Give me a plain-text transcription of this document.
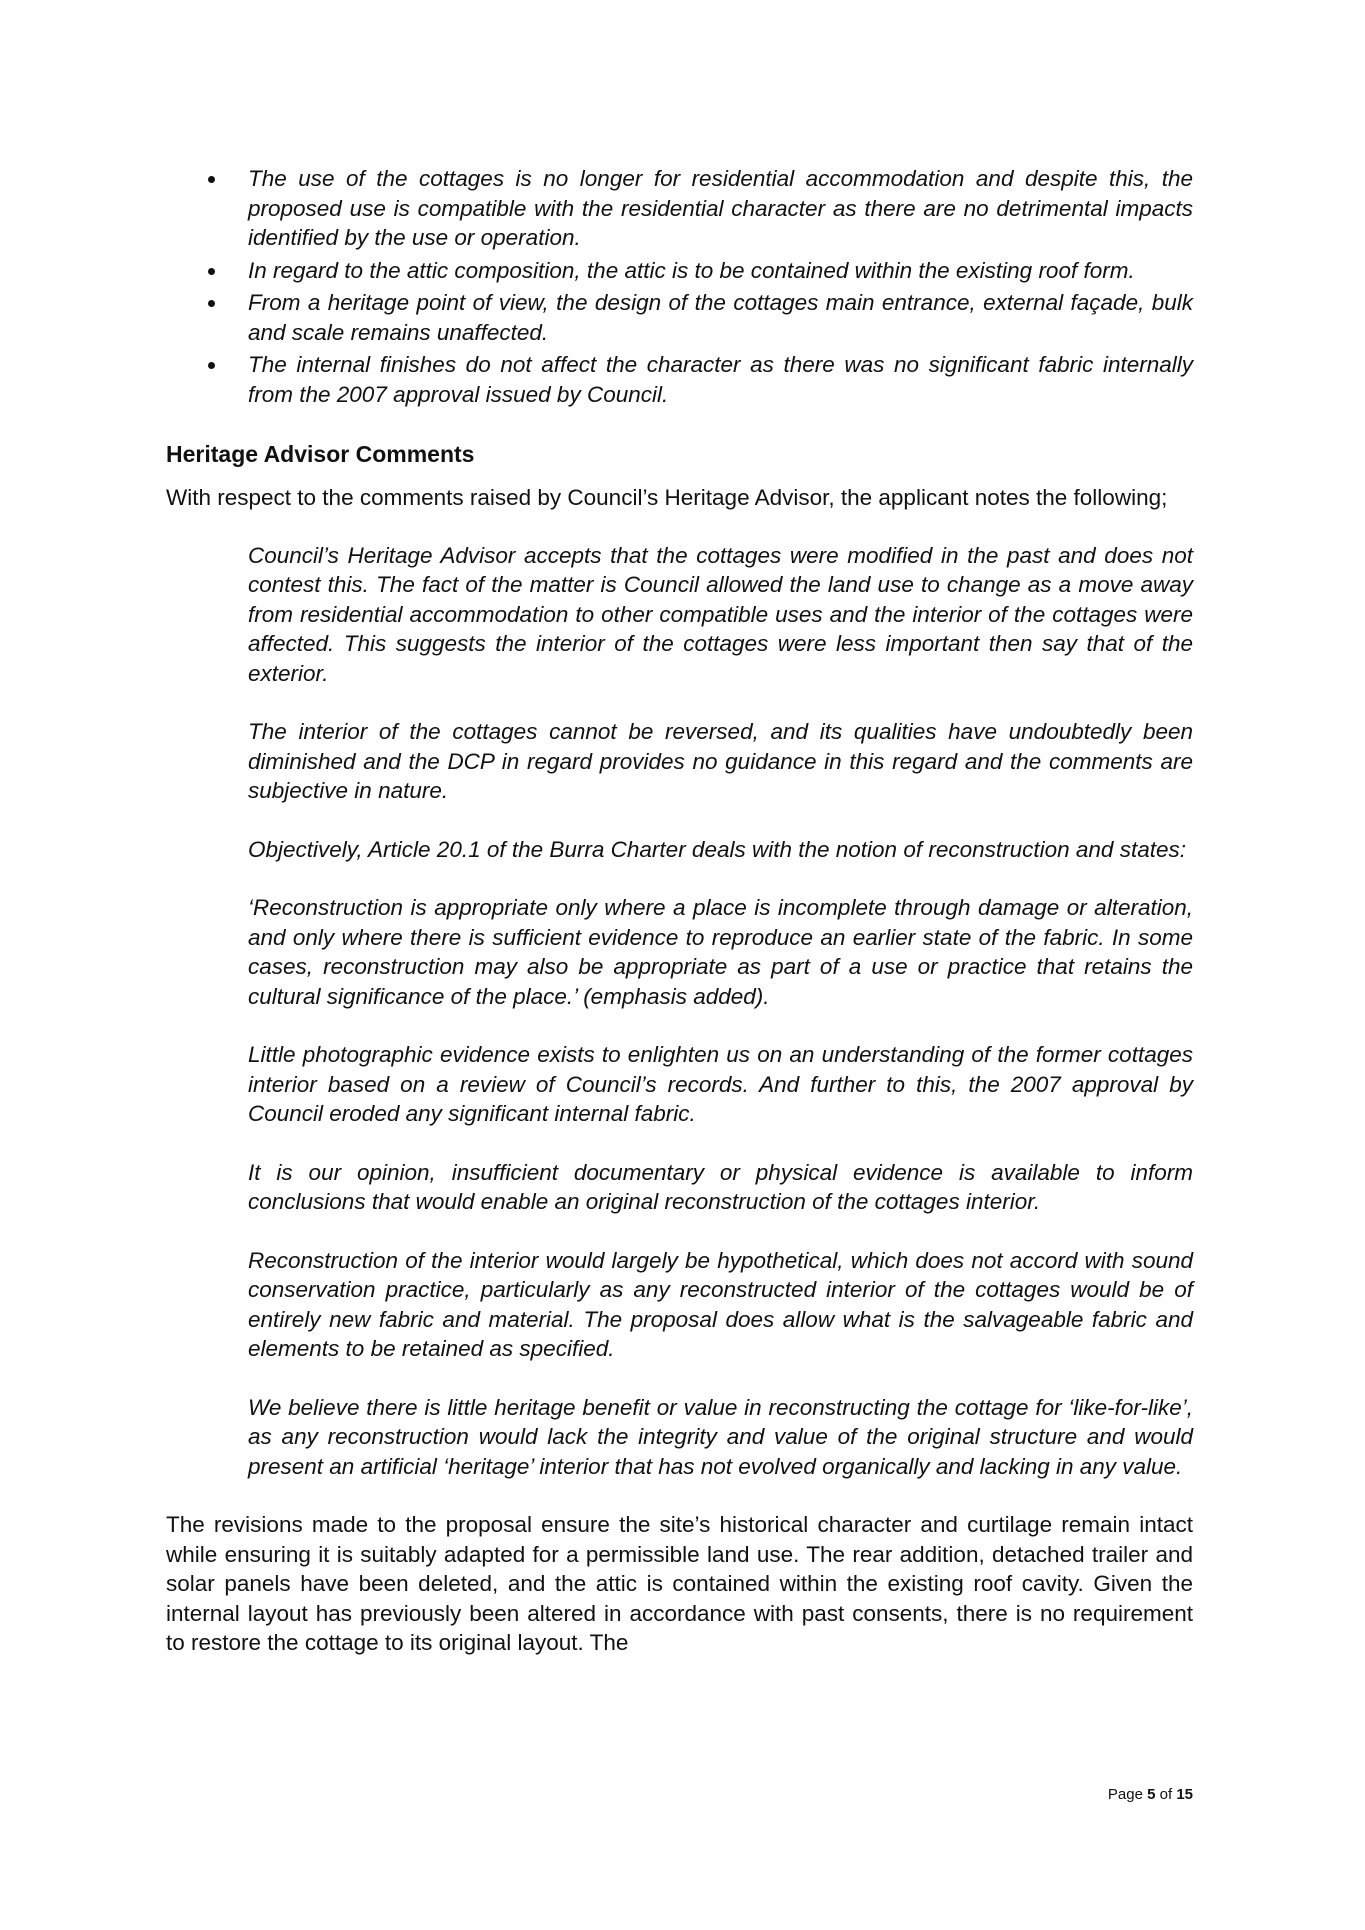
The use of the cottages is no longer for residential accommodation and despite this, the proposed use is compatible with the residential character as there are no detrimental impacts identified by the use or operation.
In regard to the attic composition, the attic is to be contained within the existing roof form.
From a heritage point of view, the design of the cottages main entrance, external façade, bulk and scale remains unaffected.
The internal finishes do not affect the character as there was no significant fabric internally from the 2007 approval issued by Council.
Heritage Advisor Comments

With respect to the comments raised by Council’s Heritage Advisor, the applicant notes the following;

Council’s Heritage Advisor accepts that the cottages were modified in the past and does not contest this. The fact of the matter is Council allowed the land use to change as a move away from residential accommodation to other compatible uses and the interior of the cottages were affected. This suggests the interior of the cottages were less important then say that of the exterior.

The interior of the cottages cannot be reversed, and its qualities have undoubtedly been diminished and the DCP in regard provides no guidance in this regard and the comments are subjective in nature.

Objectively, Article 20.1 of the Burra Charter deals with the notion of reconstruction and states:

‘Reconstruction is appropriate only where a place is incomplete through damage or alteration, and only where there is sufficient evidence to reproduce an earlier state of the fabric. In some cases, reconstruction may also be appropriate as part of a use or practice that retains the cultural significance of the place.’ (emphasis added).

Little photographic evidence exists to enlighten us on an understanding of the former cottages interior based on a review of Council’s records. And further to this, the 2007 approval by Council eroded any significant internal fabric.

It is our opinion, insufficient documentary or physical evidence is available to inform conclusions that would enable an original reconstruction of the cottages interior.

Reconstruction of the interior would largely be hypothetical, which does not accord with sound conservation practice, particularly as any reconstructed interior of the cottages would be of entirely new fabric and material. The proposal does allow what is the salvageable fabric and elements to be retained as specified.

We believe there is little heritage benefit or value in reconstructing the cottage for ‘like-for-like’, as any reconstruction would lack the integrity and value of the original structure and would present an artificial ‘heritage’ interior that has not evolved organically and lacking in any value.

The revisions made to the proposal ensure the site’s historical character and curtilage remain intact while ensuring it is suitably adapted for a permissible land use. The rear addition, detached trailer and solar panels have been deleted, and the attic is contained within the existing roof cavity. Given the internal layout has previously been altered in accordance with past consents, there is no requirement to restore the cottage to its original layout. The

Page 5 of 15
